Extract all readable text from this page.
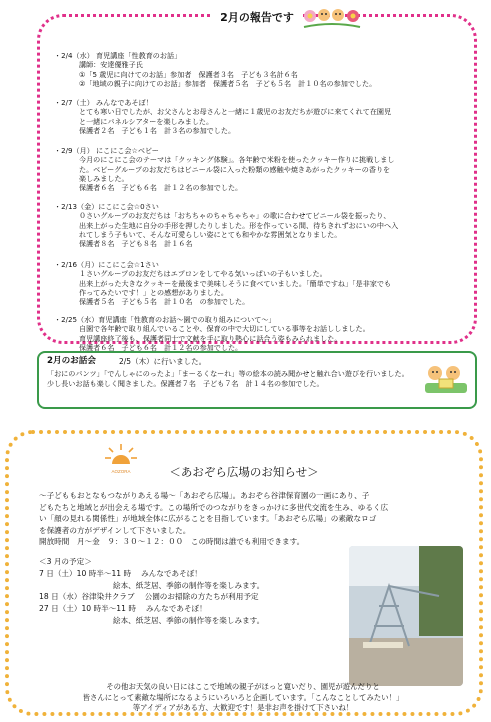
2月の報告です
・2/4（水） 育児講座「性教育のお話」
講師：安達優雅子氏
①「5 歳児に向けてのお話」参加者　保護者３名　子ども３名計６名
②「地域の親子に向けてのお話」参加者　保護者５名　子ども５名　計１０名の参加でした。
・2/7（土） みんなであそぼ！
とても寒い日でしたが、お父さんとお母さんと一緒に１歳児のお友だちが遊びに来てくれて在園児
と一緒にパネルシアターを楽しみました。
保護者２名　子ども１名　計３名の参加でした。
・2/9（月） にこにこ会☆ベビー
今月のにこにこ会のテーマは「クッキング体験」。各年齢で米粉を使ったクッキー作りに挑戦しまし
た。ベビーグループのお友だちはビニール袋に入った粉類の感触や焼きあがったクッキーの香りを
楽しみました。
保護者６名　子ども６名　計１２名の参加でした。
・2/13（金）にこにこ会☆0さい
０さいグループのお友だちは「おちちゃのちゃちゃちゃ」の歌に合わせてビニール袋を振ったり、
出来上がった生地に自分の手形を押したりしました。形を作っている間、待ちきれずおにいの中へ入
れてしまう子もいて、そんな可愛らしい姿にとても和やかな雰囲気となりました。
保護者８名　子ども８名　計１６名
・2/16（月）にこにこ会☆1さい
１さいグループのお友だちはエプロンをしてやる気いっぱいの子もいました。
出来上がった大きなクッキーを最後まで美味しそうに食べていました。「簡単ですね」「是非家でも
作ってみたいです！」との感想がありました。
保護者５名　子ども５名　計１０名　の参加でした。
・2/25（水）育児講座「性教育のお話～園での取り組みについて～」
自園で各年齢で取り組んでいることや、保育の中で大切にしている事等をお話ししました。
育児講座終了後も、保護者同士で文献を手に取り熱心に話合う姿もみられました。
保護者６名　子ども６名　計１２名の参加でした。
2月のお話会	2/5（木）に行いました。
「おにのパンツ」「でんしゃにのったよ」「まーるくなーれ」等の絵本の読み聞かせと触れ合い遊びを行いました。
少し長いお話も楽しく聞きました。保護者７名　子ども７名　計１４名の参加でした。
AOZORA	＜あおぞら広場のお知らせ＞
～子どももおとなもつながりあえる場～「あおぞら広場」。あおぞら谷津保育園の一画にあり、子
どもたちと地域とが出会える場です。この場所でのつながりをきっかけに多世代交流を生み、ゆるく広
い「顔の見れる関係性」が地域全体に広がることを目指しています。「あおぞら広場」の素敵なロゴ
を保護者の方がデザインして下さいました。
開放時間　月～金　９：３０～１２：００　この時間は誰でも利用できます。
＜3 月の予定＞
7 日（土）10 時半～11 時 みんなであそぼ！
絵本、紙芝居、季節の制作等を楽しみます。
18 日（水）谷津染井クラブ 公園のお掃除の方たちが利用予定
27 日（土）10 時半～11 時 みんなであそぼ！
絵本、紙芝居、季節の制作等を楽しみます。
その他お天気の良い日にはここで地域の親子がほっと寛いだり、園児が遊んだりと
皆さんにとって素敵な場所になるようにいろいろと企画しています。「こんなことしてみたい！」
等アイディアがある方、大歓迎です！是非お声を掛けて下さいね！
